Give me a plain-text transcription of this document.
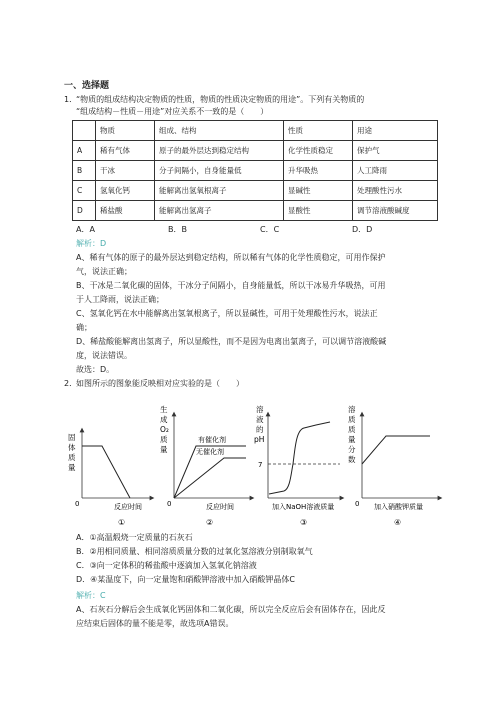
一、选择题
1．
“物质的组成结构决定物质的性质，物质的性质决定物质的用途”。下列有关物质的
“组成结构－性质－用途”对应关系不一致的是（　　）
	物质	组成、结构	性质	用途
A	稀有气体	原子的最外层达到稳定结构	化学性质稳定	保护气
B	干冰	分子间隔小，自身能量低	升华吸热	人工降雨
C	氢氧化钙	能解离出氢氧根离子	显碱性	处理酸性污水
D	稀盐酸	能解离出氢离子	显酸性	调节溶液酸碱度
A．A	B．B	C．C	D．D
解析：D
A、稀有气体的原子的最外层达到稳定结构，所以稀有气体的化学性质稳定，可用作保护
气，说法正确；
B、干冰是二氧化碳的固体，干冰分子间隔小，自身能量低，所以干冰易升华吸热，可用
于人工降雨，说法正确；
C、氢氧化钙在水中能解离出氢氧根离子，所以显碱性，可用于处理酸性污水，说法正
确；
D、稀盐酸能解离出氢离子，所以显酸性，而不是因为电离出氯离子，可以调节溶液酸碱
度，说法错误。
故选：D。
2．
如图所示的图象能反映相对应实验的是（　　）
固
体
质
量
0	反应时间
生
成
O₂
质
量
有催化剂
无催化剂
0	反应时间
溶
液
的
pH
7
加入NaOH溶液质量
溶
质
质
量
分
数
0 加入硝酸钾质量
①	②	③	④
A．①高温煅烧一定质量的石灰石
B．②用相同质量、相同溶质质量分数的过氧化氢溶液分别制取氧气
C．③向一定体积的稀盐酸中逐滴加入氢氧化钠溶液
D．④某温度下，向一定量饱和硝酸钾溶液中加入硝酸钾晶体C
解析：C
A、石灰石分解后会生成氧化钙固体和二氧化碳，所以完全反应后会有固体存在，因此反
应结束后固体的量不能是零，故选项A错误。
